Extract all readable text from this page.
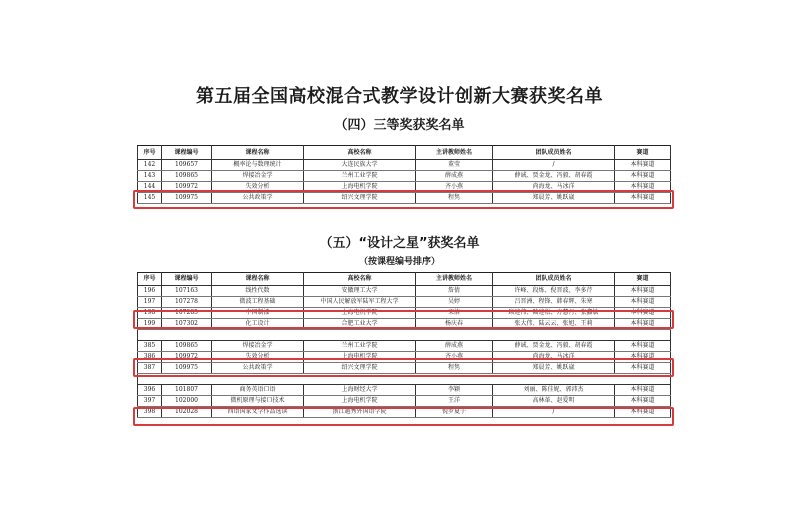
第五届全国高校混合式教学设计创新大赛获奖名单
（四）三等奖获奖名单
序号	课程编号	课程名称	高校名称	主讲教师姓名	团队成员姓名	赛道
142	109657	概率论与数理统计	大连民族大学	董莹	/	本科赛道
143	109865	焊接冶金学	兰州工业学院	薛成燕	薛诚、贾金龙、冯毅、胡春霞	本科赛道
144	109972	失效分析	上海电机学院	齐小燕	尚海龙、马冰洋	本科赛道
145	109975	公共政策学	绍兴文理学院	程隽	郑晨芳、姚跃崴	本科赛道
（五）“设计之星”获奖名单
（按课程编号排序）
序号	课程编号	课程名称	高校名称	主讲教师姓名	团队成员姓名	赛道
196	107163	线性代数	安徽理工大学	詹倩	许峰、段炼、倪晋波、李多芹	本科赛道
197	107278	微波工程基础	中国人民解放军陆军工程大学	吴婷	吕晋洲、程锋、韩春辉、朱寒	本科赛道
198	107285	中国制漆	上海电机学院	宋洁	顾建伟、陆建松、方慧丹、张鑫敏	本科赛道
199	107302	化工设计	合肥工业大学	杨庆春	张大伟、陆云云、张旭、王莉	本科赛道

385	109865	焊接冶金学	兰州工业学院	薛成燕	薛诚、贾金龙、冯毅、胡春霞	本科赛道
386	109972	失效分析	上海电机学院	齐小燕	尚海龙、马冰洋	本科赛道
387	109975	公共政策学	绍兴文理学院	程隽	郑晨芳、姚跃崴	本科赛道

396	101807	商务英语口语	上海财经大学	李颖	刘丽、陈佳妮、郭沛杰	本科赛道
397	102000	微机原理与接口技术	上海电机学院	王洋	高林革、赵爱明	本科赛道
398	102028	西语国家文学作品选读	浙江越秀外国语学院	倪罗夏子	/	本科赛道
